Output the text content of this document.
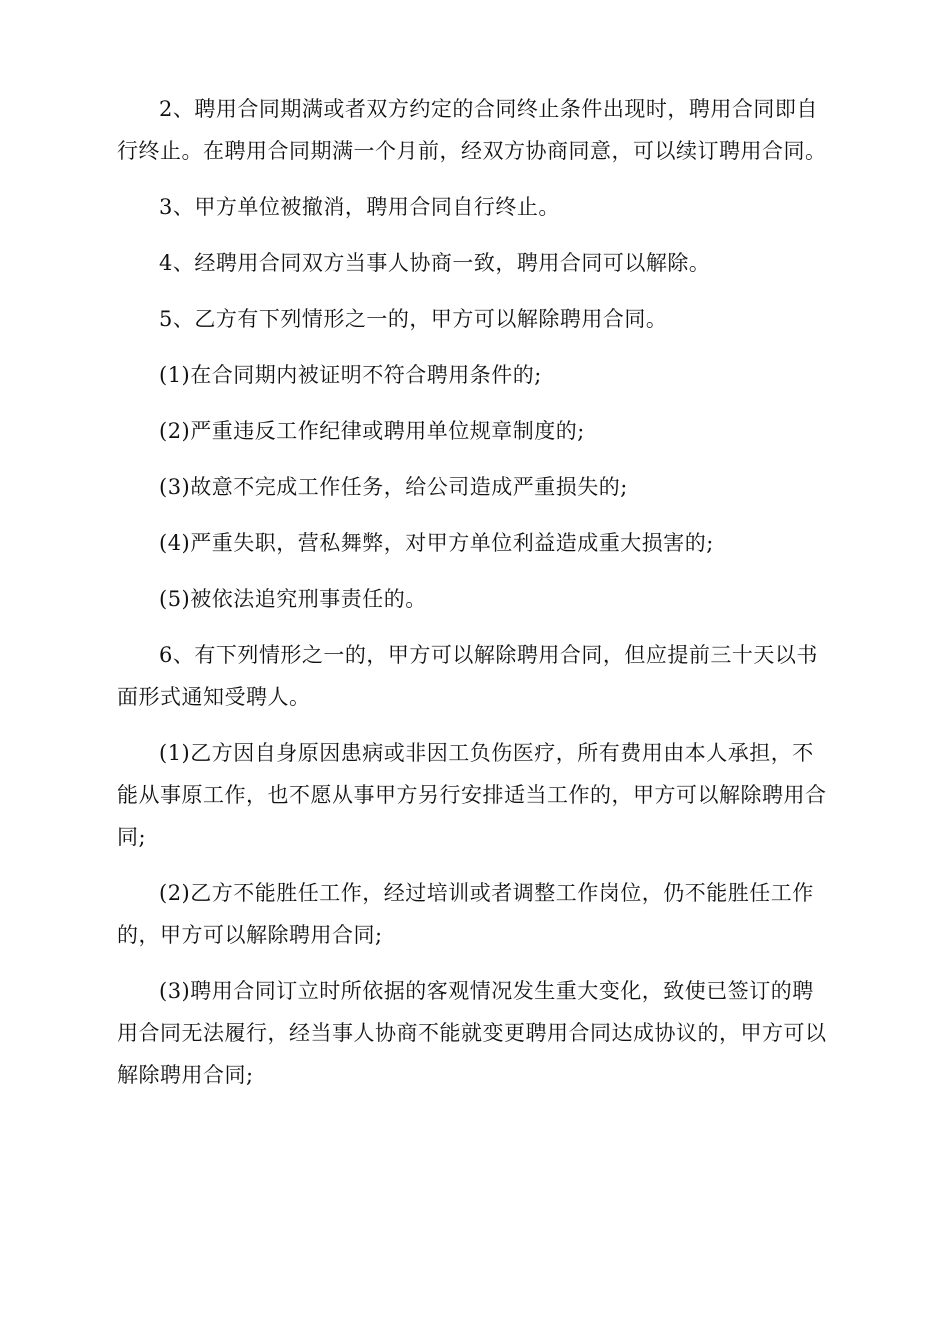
2、聘用合同期满或者双方约定的合同终止条件出现时，聘用合同即自行终止。在聘用合同期满一个月前，经双方协商同意，可以续订聘用合同。

3、甲方单位被撤消，聘用合同自行终止。

4、经聘用合同双方当事人协商一致，聘用合同可以解除。

5、乙方有下列情形之一的，甲方可以解除聘用合同。

(1)在合同期内被证明不符合聘用条件的;

(2)严重违反工作纪律或聘用单位规章制度的;

(3)故意不完成工作任务，给公司造成严重损失的;

(4)严重失职，营私舞弊，对甲方单位利益造成重大损害的;

(5)被依法追究刑事责任的。

6、有下列情形之一的，甲方可以解除聘用合同，但应提前三十天以书面形式通知受聘人。

(1)乙方因自身原因患病或非因工负伤医疗，所有费用由本人承担，不能从事原工作，也不愿从事甲方另行安排适当工作的，甲方可以解除聘用合同;

(2)乙方不能胜任工作，经过培训或者调整工作岗位，仍不能胜任工作的，甲方可以解除聘用合同;

(3)聘用合同订立时所依据的客观情况发生重大变化，致使已签订的聘用合同无法履行，经当事人协商不能就变更聘用合同达成协议的，甲方可以解除聘用合同;
